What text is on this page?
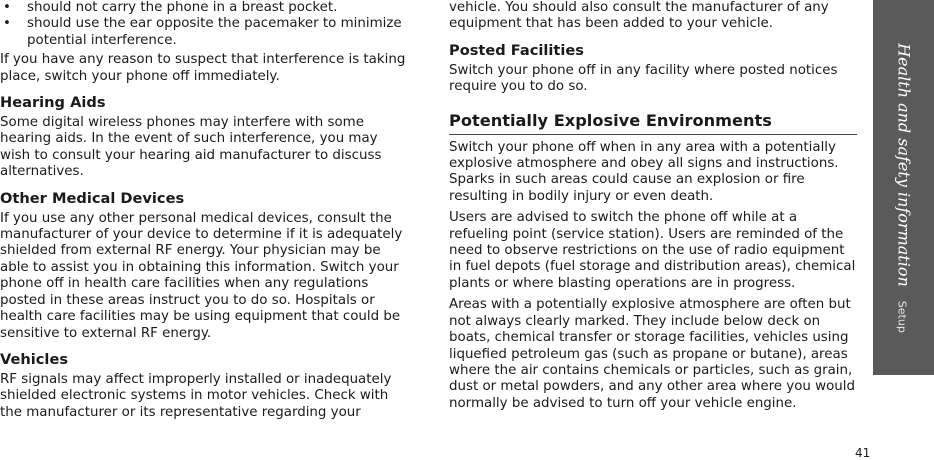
• should not carry the phone in a breast pocket.
• should use the ear opposite the pacemaker to minimize potential interference.

If you have any reason to suspect that interference is taking place, switch your phone off immediately.

Hearing Aids

Some digital wireless phones may interfere with some hearing aids. In the event of such interference, you may wish to consult your hearing aid manufacturer to discuss alternatives.

Other Medical Devices

If you use any other personal medical devices, consult the manufacturer of your device to determine if it is adequately shielded from external RF energy. Your physician may be able to assist you in obtaining this information. Switch your phone off in health care facilities when any regulations posted in these areas instruct you to do so. Hospitals or health care facilities may be using equipment that could be sensitive to external RF energy.

Vehicles

RF signals may affect improperly installed or inadequately shielded electronic systems in motor vehicles. Check with the manufacturer or its representative regarding your

vehicle. You should also consult the manufacturer of any equipment that has been added to your vehicle.

Posted Facilities

Switch your phone off in any facility where posted notices require you to do so.

Potentially Explosive Environments

Switch your phone off when in any area with a potentially explosive atmosphere and obey all signs and instructions. Sparks in such areas could cause an explosion or fire resulting in bodily injury or even death.

Users are advised to switch the phone off while at a refueling point (service station). Users are reminded of the need to observe restrictions on the use of radio equipment in fuel depots (fuel storage and distribution areas), chemical plants or where blasting operations are in progress.

Areas with a potentially explosive atmosphere are often but not always clearly marked. They include below deck on boats, chemical transfer or storage facilities, vehicles using liquefied petroleum gas (such as propane or butane), areas where the air contains chemicals or particles, such as grain, dust or metal powders, and any other area where you would normally be advised to turn off your vehicle engine.

Health and safety informationSetup
41
